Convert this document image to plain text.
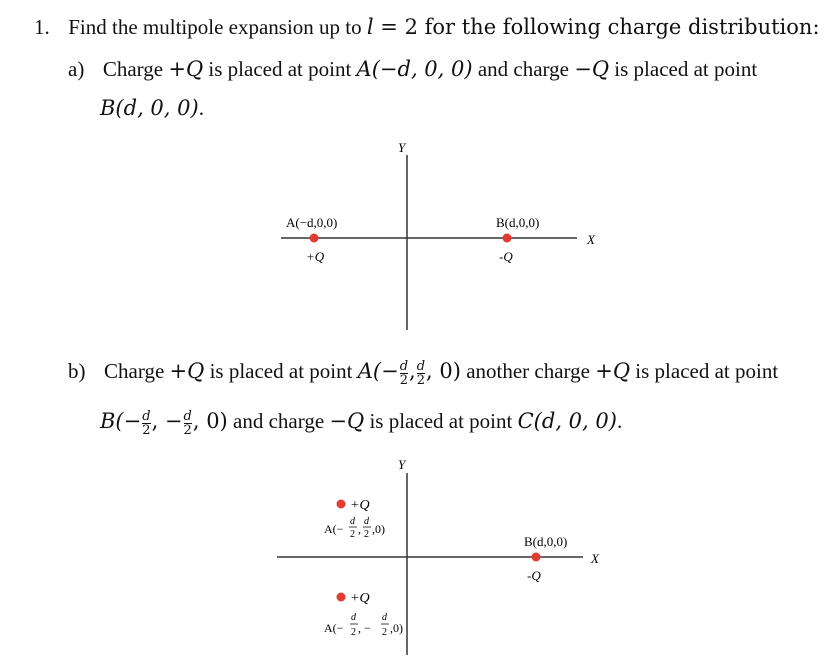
1. Find the multipole expansion up to l = 2 for the following charge distribution:
a) Charge +Q is placed at point A(−d, 0, 0) and charge −Q is placed at point
B(d, 0, 0).
Y
X
A(−d,0,0)
+Q
B(d,0,0)
-Q
b) Charge +Q is placed at point $A(- \frac{d}{2}$ , $\frac{d}{2}$ , 0) another charge +Q is placed at point
$B(- \frac{d}{2}$ , − $\frac{d}{2}$ , 0) and charge −Q is placed at point C(d, 0, 0).
Y
X
+Q
A(−
d
2 ,
d
2 ,0)
+Q
A(−
d
2 , −
d
2 ,0)
B(d,0,0)
-Q
